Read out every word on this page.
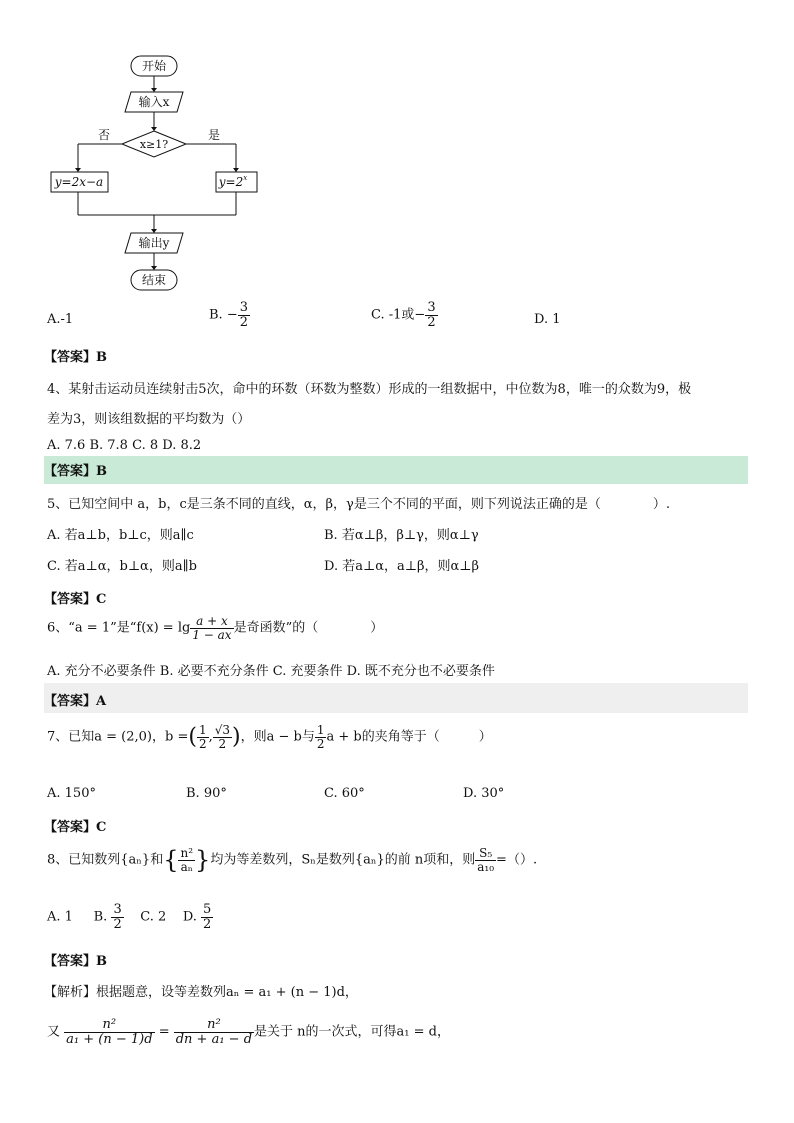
开始
输入x
x≥1?
否	是
y=2x−a	$y=2^x$
输出y
结束
A.-1	B. − $\frac{3}{2}$	C. -1或− $\frac{3}{2}$	D. 1
【答案】B
4、某射击运动员连续射击5次，命中的环数（环数为整数）形成的一组数据中，中位数为8，唯一的众数为9，极
差为3，则该组数据的平均数为（）
A. 7.6 B. 7.8 C. 8 D. 8.2
【答案】B
5、已知空间中 a，b，c是三条不同的直线，α，β，γ是三个不同的平面，则下列说法正确的是（　　　　）.
A. 若a⊥b，b⊥c，则a∥c	B. 若α⊥β，β⊥γ，则α⊥γ
C. 若a⊥α，b⊥α，则a∥b	D. 若a⊥α，a⊥β，则α⊥β
【答案】C
6、“a = 1”是“$f(x) = \lg \frac{a + x}{1 - ax}$ 是奇函数”的（　　　　）
A. 充分不必要条件 B. 必要不充分条件 C. 充要条件 D. 既不充分也不必要条件
【答案】A
7、已知a = (2,0)，b =( $\frac{1}{2}$ , $\frac{√3}{2}$ )，则a − b与 $\frac{1}{2}$ a + b的夹角等于（　　　）
A. 150°	B. 90°	C. 60°	D. 30°
【答案】C
8、已知数列{aₙ}和{ $\frac{\text{n²}}{\text{aₙ}}$ }均为等差数列，Sₙ是数列{aₙ}的前 n项和，则 $\frac{\text{S₅}}{\text{a₁₀}}$ =（）.
A. 1 B. $\frac{3}{2} C$. 2 D. $\frac{5}{2}$
【答案】B
【解析】根据题意，设等差数列aₙ = a₁ + (n − 1)d，
又 $\frac{\text{n²}}{\text{a₁ + (n − 1)d}} = \frac{\text{n²}}{\text{dn + a₁ − d}}$ 是关于 n的一次式，可得a₁ = d，
